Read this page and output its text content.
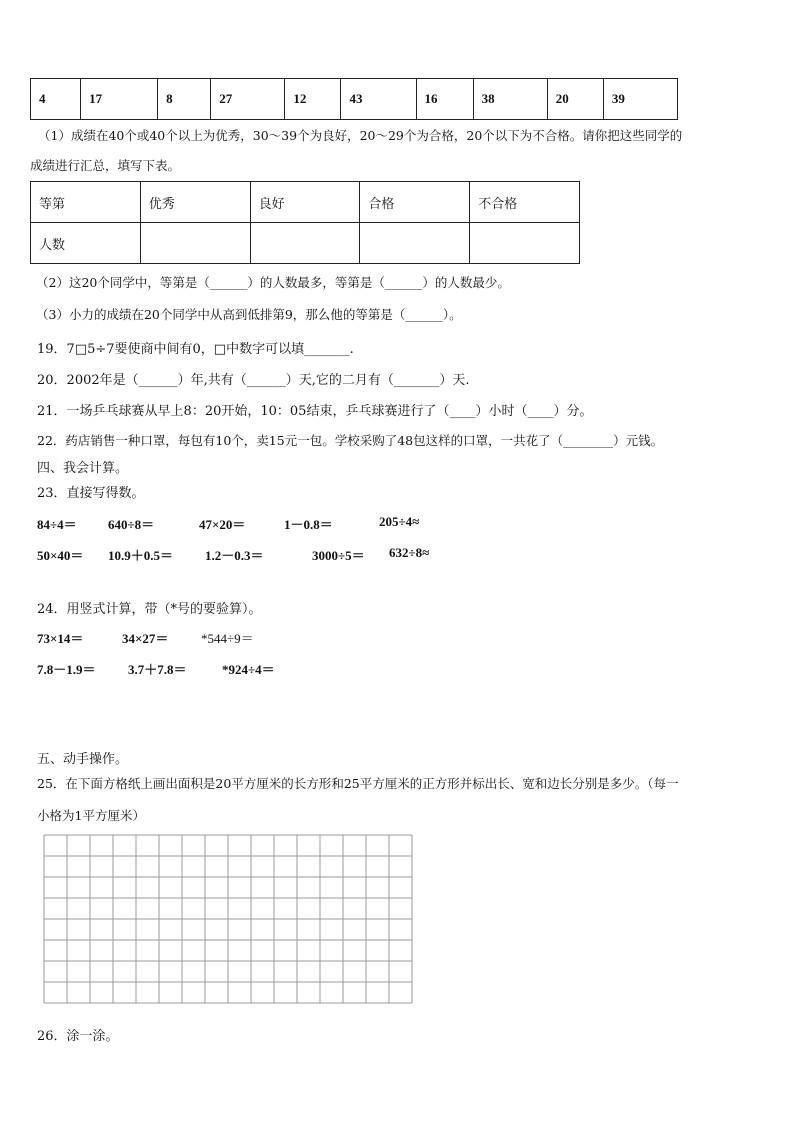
4	17	8	27	12	43	16	38	20	39
（1）成绩在40个或40个以上为优秀，30～39个为良好，20～29个为合格，20个以下为不合格。请你把这些同学的
成绩进行汇总，填写下表。
等第	优秀	良好	合格	不合格
人数				
（2）这20个同学中，等第是（______）的人数最多，等第是（______）的人数最少。
（3）小力的成绩在20个同学中从高到低排第9，那么他的等第是（______）。
19．7□5÷7要使商中间有0，□中数字可以填_______.
20．2002年是（______）年,共有（______）天,它的二月有（_______）天.
21．一场乒乓球赛从早上8：20开始，10：05结束，乒乓球赛进行了（____）小时（____）分。
22．药店销售一种口罩，每包有10个，卖15元一包。学校采购了48包这样的口罩，一共花了（________）元钱。
四、我会计算。
23．直接写得数。
84÷4＝ 640÷8＝	47×20＝	1－0.8＝	205÷4≈
50×40＝ 10.9＋0.5＝ 1.2－0.3＝	3000÷5＝ 632÷8≈
24．用竖式计算，带（*号的要验算）。
73×14＝	34×27＝	*544÷9＝
7.8－1.9＝ 3.7＋7.8＝	*924÷4＝
五、动手操作。
25．在下面方格纸上画出面积是20平方厘米的长方形和25平方厘米的正方形并标出长、宽和边长分别是多少。（每一
小格为1平方厘米）
26．涂一涂。
